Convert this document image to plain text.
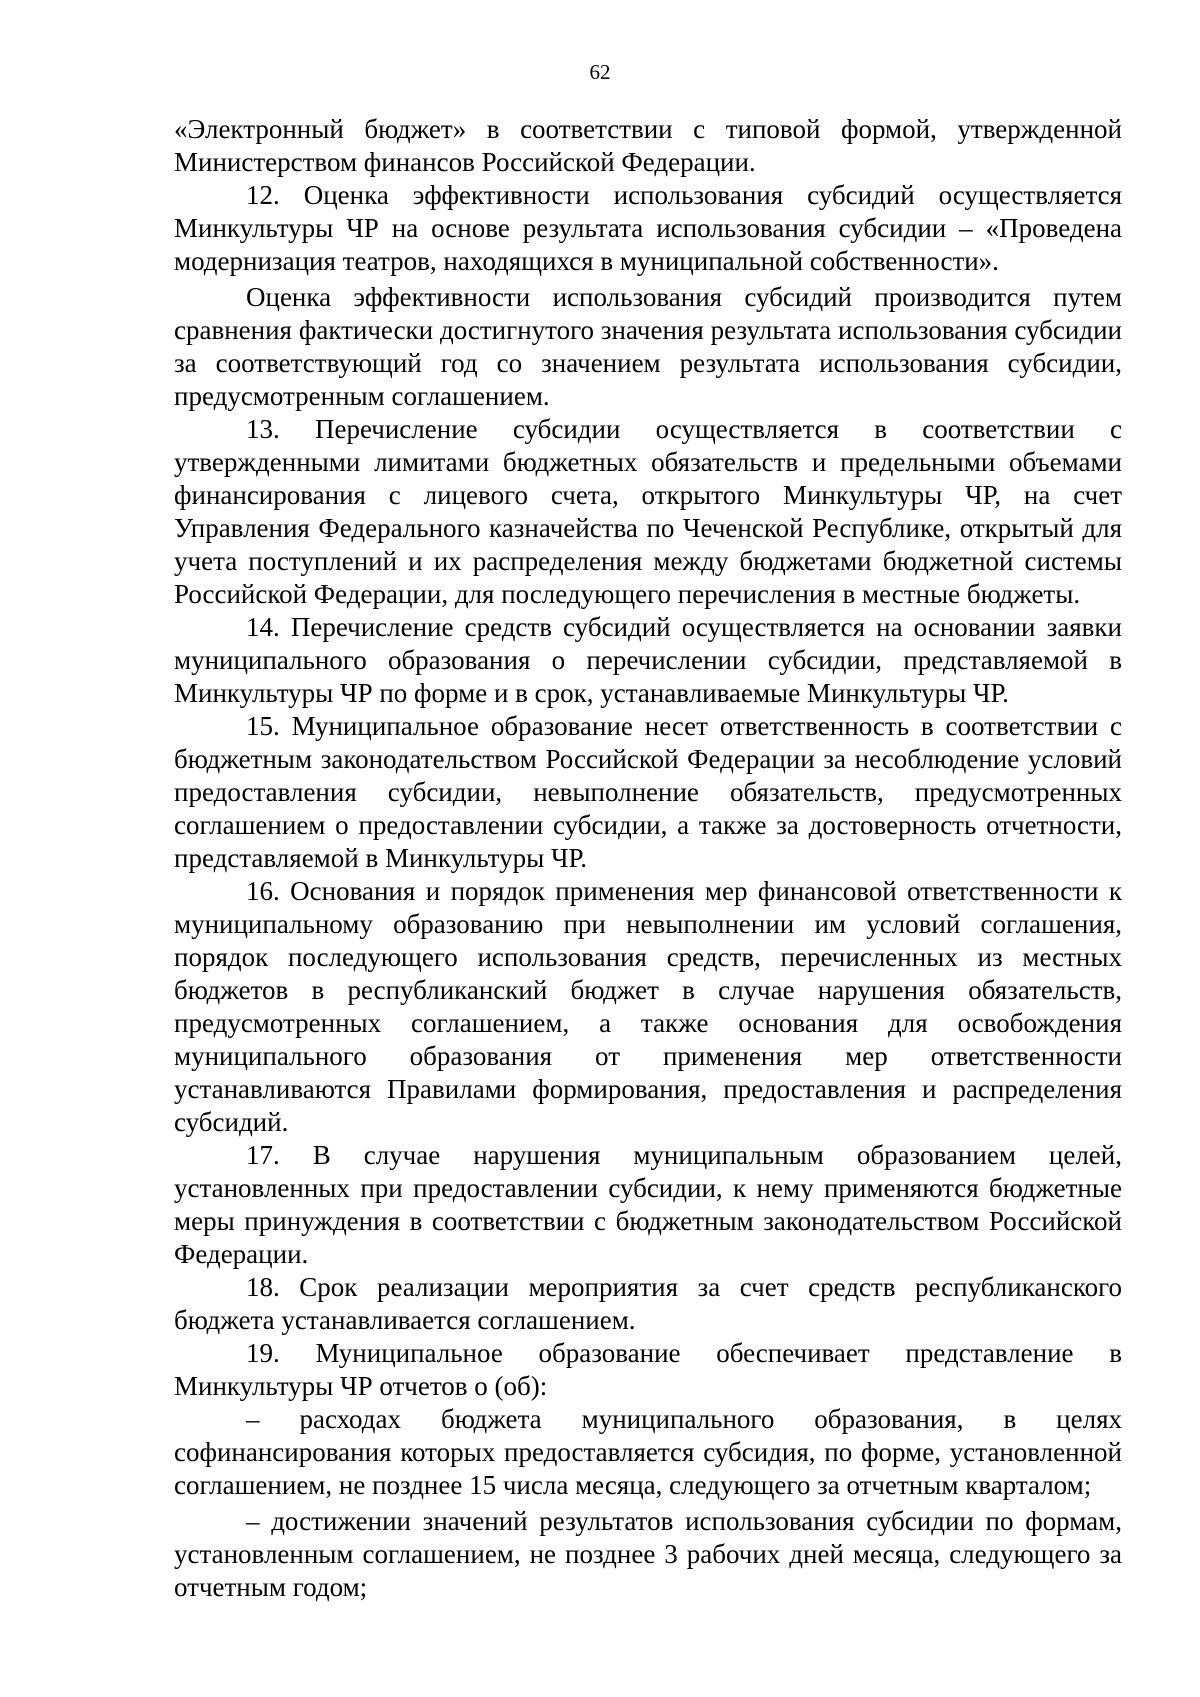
62

«Электронный бюджет» в соответствии с типовой формой, утвержденной Министерством финансов Российской Федерации.

12. Оценка эффективности использования субсидий осуществляется Минкультуры ЧР на основе результата использования субсидии – «Проведена модернизация театров, находящихся в муниципальной собственности».

Оценка эффективности использования субсидий производится путем сравнения фактически достигнутого значения результата использования субсидии за соответствующий год со значением результата использования субсидии, предусмотренным соглашением.

13. Перечисление субсидии осуществляется в соответствии с утвержденными лимитами бюджетных обязательств и предельными объемами финансирования с лицевого счета, открытого Минкультуры ЧР, на счет Управления Федерального казначейства по Чеченской Республике, открытый для учета поступлений и их распределения между бюджетами бюджетной системы Российской Федерации, для последующего перечисления в местные бюджеты.

14. Перечисление средств субсидий осуществляется на основании заявки муниципального образования о перечислении субсидии, представляемой в Минкультуры ЧР по форме и в срок, устанавливаемые Минкультуры ЧР.

15. Муниципальное образование несет ответственность в соответствии с бюджетным законодательством Российской Федерации за несоблюдение условий предоставления субсидии, невыполнение обязательств, предусмотренных соглашением о предоставлении субсидии, а также за достоверность отчетности, представляемой в Минкультуры ЧР.

16. Основания и порядок применения мер финансовой ответственности к муниципальному образованию при невыполнении им условий соглашения, порядок последующего использования средств, перечисленных из местных бюджетов в республиканский бюджет в случае нарушения обязательств, предусмотренных соглашением, а также основания для освобождения муниципального образования от применения мер ответственности устанавливаются Правилами формирования, предоставления и распределения субсидий.

17. В случае нарушения муниципальным образованием целей, установленных при предоставлении субсидии, к нему применяются бюджетные меры принуждения в соответствии с бюджетным законодательством Российской Федерации.

18. Срок реализации мероприятия за счет средств республиканского бюджета устанавливается соглашением.

19. Муниципальное образование обеспечивает представление в Минкультуры ЧР отчетов о (об):

– расходах бюджета муниципального образования, в целях софинансирования которых предоставляется субсидия, по форме, установленной соглашением, не позднее 15 числа месяца, следующего за отчетным кварталом;

– достижении значений результатов использования субсидии по формам, установленным соглашением, не позднее 3 рабочих дней месяца, следующего за отчетным годом;
